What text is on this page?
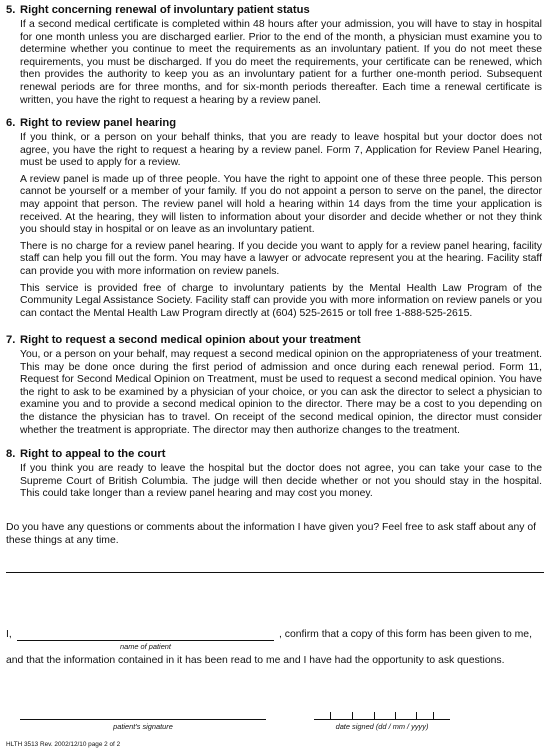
5. Right concerning renewal of involuntary patient status

If a second medical certificate is completed within 48 hours after your admission, you will have to stay in hospital for one month unless you are discharged earlier. Prior to the end of the month, a physician must examine you to determine whether you continue to meet the requirements as an involuntary patient. If you do not meet these requirements, you must be discharged. If you do meet the requirements, your certificate can be renewed, which then provides the authority to keep you as an involuntary patient for a further one-month period. Subsequent renewal periods are for three months, and for six-month periods thereafter. Each time a renewal certificate is written, you have the right to request a hearing by a review panel.

6. Right to review panel hearing

If you think, or a person on your behalf thinks, that you are ready to leave hospital but your doctor does not agree, you have the right to request a hearing by a review panel. Form 7, Application for Review Panel Hearing, must be used to apply for a review.

A review panel is made up of three people. You have the right to appoint one of these three people. This person cannot be yourself or a member of your family. If you do not appoint a person to serve on the panel, the director may appoint that person. The review panel will hold a hearing within 14 days from the time your application is received. At the hearing, they will listen to information about your disorder and decide whether or not they think you should stay in hospital or on leave as an involuntary patient.

There is no charge for a review panel hearing. If you decide you want to apply for a review panel hearing, facility staff can help you fill out the form. You may have a lawyer or advocate represent you at the hearing. Facility staff can provide you with more information on review panels.

This service is provided free of charge to involuntary patients by the Mental Health Law Program of the Community Legal Assistance Society. Facility staff can provide you with more information on review panels or you can contact the Mental Health Law Program directly at (604) 525-2615 or toll free 1-888-525-2615.

7. Right to request a second medical opinion about your treatment

You, or a person on your behalf, may request a second medical opinion on the appropriateness of your treatment. This may be done once during the first period of admission and once during each renewal period. Form 11, Request for Second Medical Opinion on Treatment, must be used to request a second medical opinion. You have the right to ask to be examined by a physician of your choice, or you can ask the director to select a physician to examine you and to provide a second medical opinion to the director. There may be a cost to you depending on the distance the physician has to travel. On receipt of the second medical opinion, the director must consider whether the treatment is appropriate. The director may then authorize changes to the treatment.

8. Right to appeal to the court

If you think you are ready to leave the hospital but the doctor does not agree, you can take your case to the Supreme Court of British Columbia. The judge will then decide whether or not you should stay in the hospital. This could take longer than a review panel hearing and may cost you money.

Do you have any questions or comments about the information I have given you? Feel free to ask staff about any of these things at any time.
I,
name of patient
, confirm that a copy of this form has been given to me,
and that the information contained in it has been read to me and I have had the opportunity to ask questions.
patient's signature	date signed (dd / mm / yyyy)
HLTH 3513 Rev. 2002/12/10 page 2 of 2
